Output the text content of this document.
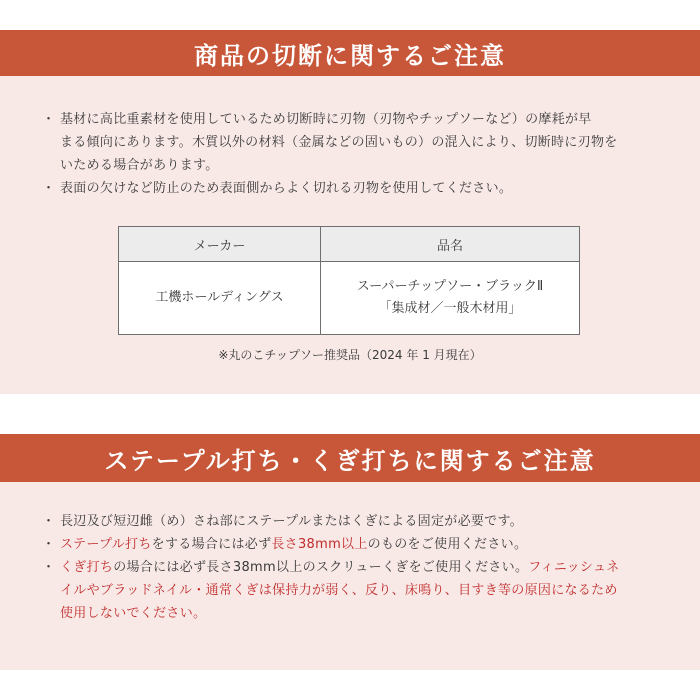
商品の切断に関するご注意
・ 基材に高比重素材を使用しているため切断時に刃物（刃物やチップソーなど）の摩耗が早
まる傾向にあります。木質以外の材料（金属などの固いもの）の混入により、切断時に刃物を
いためる場合があります。
・ 表面の欠けなど防止のため表面側からよく切れる刃物を使用してください。
メーカー	品名
工機ホールディングス	スーパーチップソー・ブラックⅡ
「集成材／一般木材用」
※丸のこチップソー推奨品（2024 年 1 月現在）
ステープル打ち・くぎ打ちに関するご注意
・ 長辺及び短辺雌（め）さね部にステープルまたはくぎによる固定が必要です。
・ ステープル打ちをする場合には必ず長さ38mm以上のものをご使用ください。
・ くぎ打ちの場合には必ず長さ38mm以上のスクリューくぎをご使用ください。フィニッシュネ
イルやブラッドネイル・通常くぎは保持力が弱く、反り、床鳴り、目すき等の原因になるため
使用しないでください。
